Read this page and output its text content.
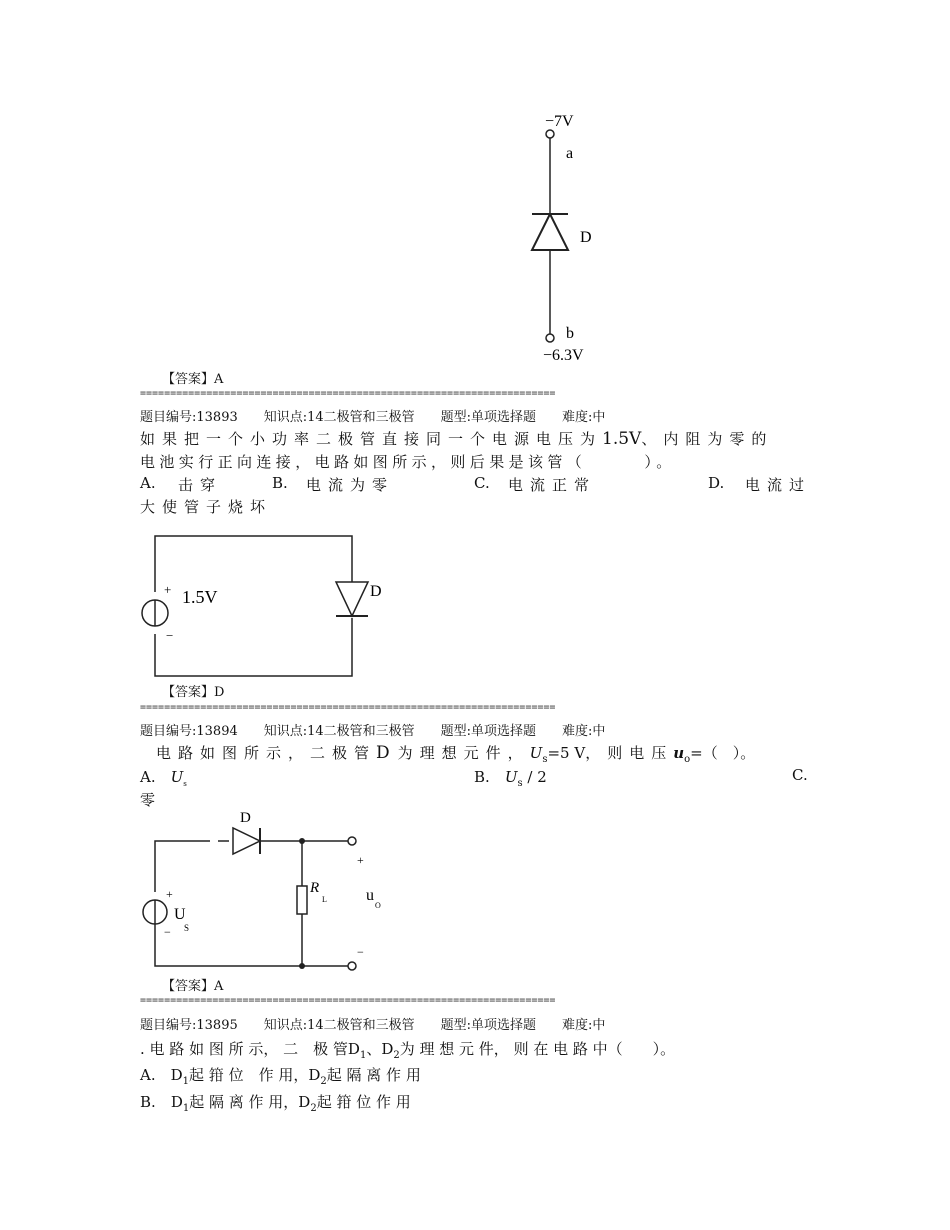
−7V
a
D
b
−6.3V
【答案】A
=====================================================================
题目编号:13893　　知识点:14二极管和三极管　　题型:单项选择题　　难度:中
如果把一个小功率二极管直接同一个电源电压为1.5V、内阻为零的
电池实行正向连接，电路如图所示，则后果是该管（　　　）。
A. 击穿	B. 电流为零	C. 电流正常	D. 电流过
大使管子烧坏
+
−
1.5V	D
【答案】D
=====================================================================
题目编号:13894　　知识点:14二极管和三极管　　题型:单项选择题　　难度:中
电路如图所示，二极管D 为理想元件，$U_s=5$ V，则电压$u_o=$（　）。
A.　 $U_s$	B.　 $U_s / 2$	C.
零
D
+
U
S
−
R
L
+
u
O
−
【答案】A
=====================================================================
题目编号:13895　　知识点:14二极管和三极管　　题型:单项选择题　　难度:中
. 电 路 如 图 所 示， 二　极 管$D_1$、$D_2$为 理 想 元 件， 则 在 电 路 中（　　）。
A.　 $D_1$起 箝 位　作 用，$D_2$起 隔 离 作 用
B.　 $D_1$起 隔 离 作 用，$D_2$起 箝 位 作 用
